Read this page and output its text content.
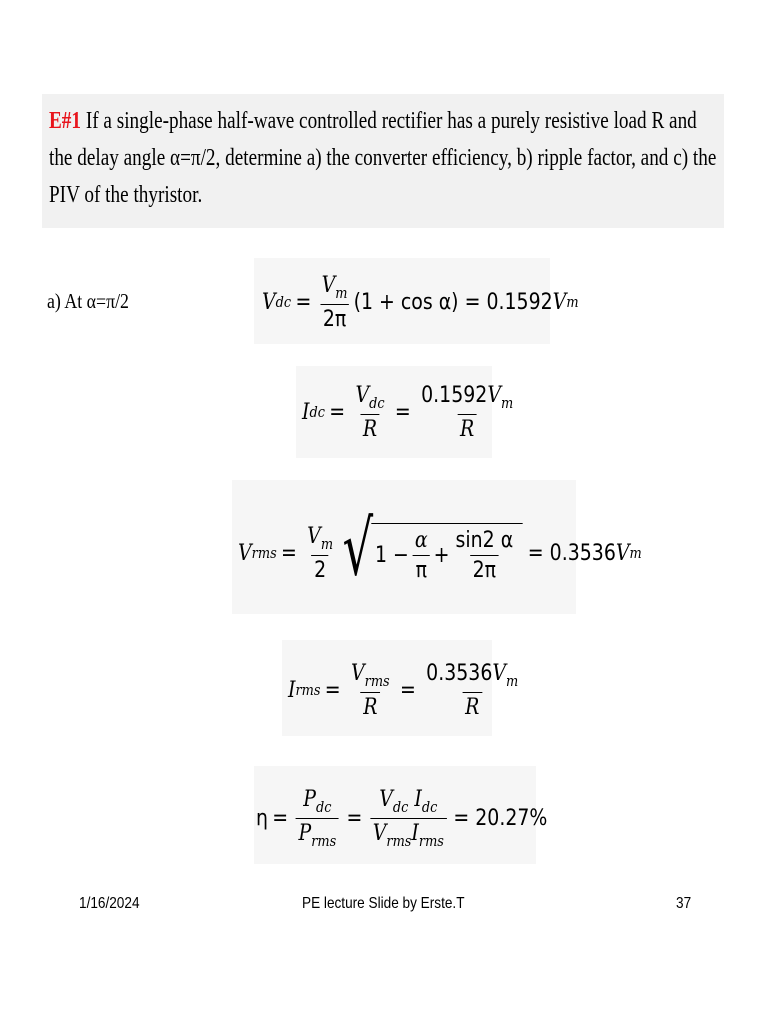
E#1 If a single-phase half-wave controlled rectifier has a purely resistive load R and the delay angle α=π/2, determine a) the converter efficiency, b) ripple factor, and c) the PIV of the thyristor.
a) At α=π/2	V dc = $\frac{V_m}{2\pi} (1 + \cos \alpha) = 0.1592$ V m
I dc = $\frac{V_{dc}}{R} = \frac{0.1592V_m}{R}$
V rms = $\frac{V_m}{2}$ √ $1 - \frac{\alpha}{\pi} + \frac{\sin 2 \alpha}{2\pi} = 0.3536$ V m
I rms = $\frac{V_{rms}}{R} = \frac{0.3536V_m}{R}$
$\eta = \frac{P_{dc}}{P_{rms}} = \frac{V_{dc} I_{dc}}{V_{rms}I_{rms}} = 20.27\%$
1/16/2024	PE lecture Slide by Erste.T	37
